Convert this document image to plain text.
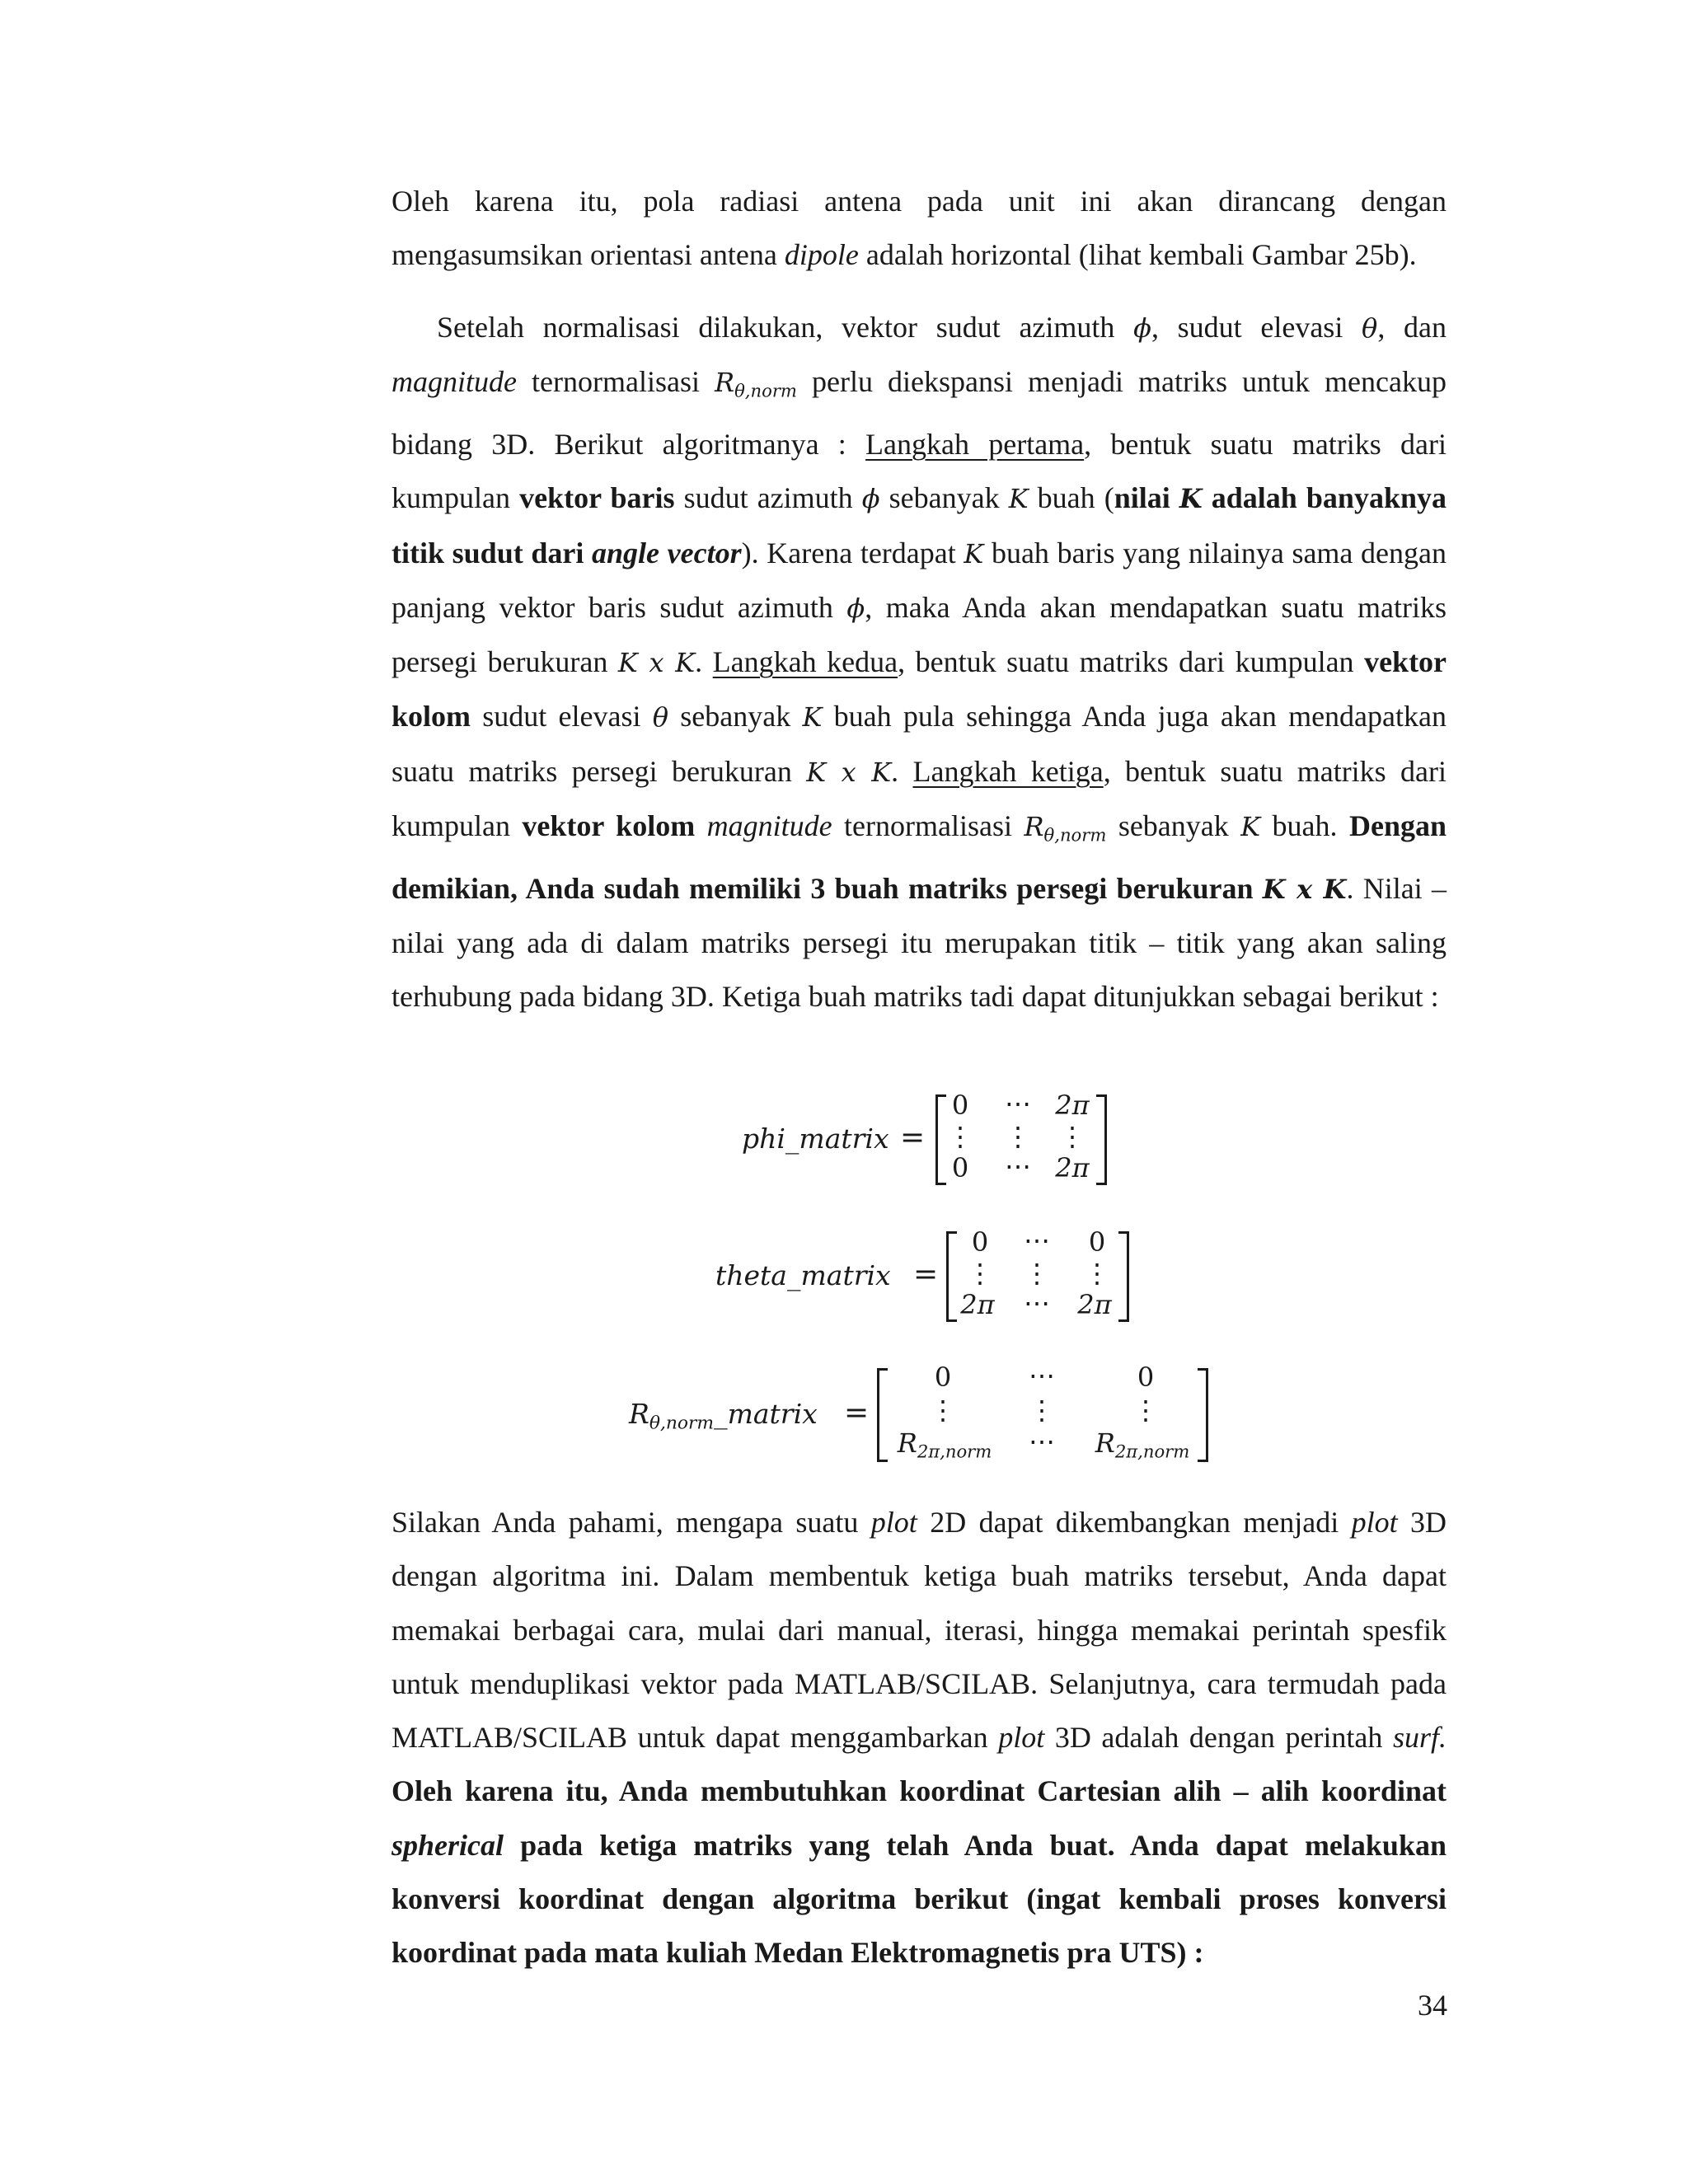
Oleh karena itu, pola radiasi antena pada unit ini akan dirancang dengan mengasumsikan orientasi antena dipole adalah horizontal (lihat kembali Gambar 25b).

Setelah normalisasi dilakukan, vektor sudut azimuth ϕ, sudut elevasi θ, dan magnitude ternormalisasi $R_{\theta,norm}$ perlu diekspansi menjadi matriks untuk mencakup bidang 3D. Berikut algoritmanya : Langkah pertama, bentuk suatu matriks dari kumpulan vektor baris sudut azimuth ϕ sebanyak K buah (nilai K adalah banyaknya titik sudut dari angle vector). Karena terdapat K buah baris yang nilainya sama dengan panjang vektor baris sudut azimuth ϕ, maka Anda akan mendapatkan suatu matriks persegi berukuran K x K. Langkah kedua, bentuk suatu matriks dari kumpulan vektor kolom sudut elevasi θ sebanyak K buah pula sehingga Anda juga akan mendapatkan suatu matriks persegi berukuran K x K. Langkah ketiga, bentuk suatu matriks dari kumpulan vektor kolom magnitude ternormalisasi $R_{\theta,norm}$ sebanyak K buah. Dengan demikian, Anda sudah memiliki 3 buah matriks persegi berukuran K x K. Nilai – nilai yang ada di dalam matriks persegi itu merupakan titik – titik yang akan saling terhubung pada bidang 3D. Ketiga buah matriks tadi dapat ditunjukkan sebagai berikut :

phi_matrix =
0	⋯ 2π
⋮ ⋮ ⋮
0	⋯ 2π
theta_matrix =
0	⋯	0
⋮ ⋮ ⋮
2π ⋯ 2π
$R_{\theta,norm}\_matrix$ =
0	⋯	0
⋮	⋮	⋮
$R_{2\pi,norm}$	⋯	$R_{2\pi,norm}$

Silakan Anda pahami, mengapa suatu plot 2D dapat dikembangkan menjadi plot 3D dengan algoritma ini. Dalam membentuk ketiga buah matriks tersebut, Anda dapat memakai berbagai cara, mulai dari manual, iterasi, hingga memakai perintah spesfik untuk menduplikasi vektor pada MATLAB/SCILAB. Selanjutnya, cara termudah pada MATLAB/SCILAB untuk dapat menggambarkan plot 3D adalah dengan perintah surf. Oleh karena itu, Anda membutuhkan koordinat Cartesian alih – alih koordinat spherical pada ketiga matriks yang telah Anda buat. Anda dapat melakukan konversi koordinat dengan algoritma berikut (ingat kembali proses konversi koordinat pada mata kuliah Medan Elektromagnetis pra UTS) :

34
